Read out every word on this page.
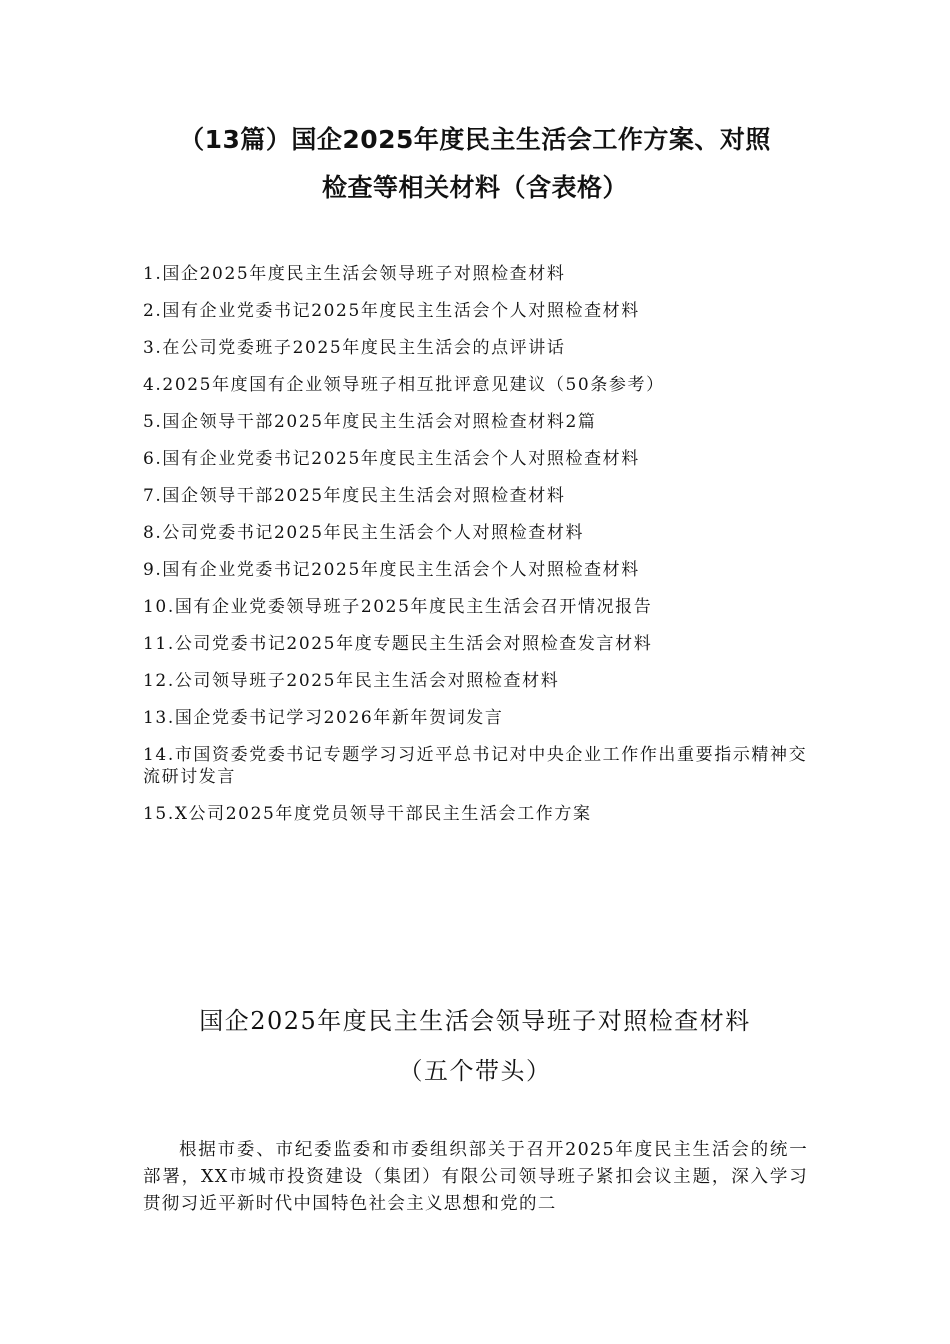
（13篇）国企2025年度民主生活会工作方案、对照
检查等相关材料（含表格）
1.国企2025年度民主生活会领导班子对照检查材料
2.国有企业党委书记2025年度民主生活会个人对照检查材料
3.在公司党委班子2025年度民主生活会的点评讲话
4.2025年度国有企业领导班子相互批评意见建议（50条参考）
5.国企领导干部2025年度民主生活会对照检查材料2篇
6.国有企业党委书记2025年度民主生活会个人对照检查材料
7.国企领导干部2025年度民主生活会对照检查材料
8.公司党委书记2025年民主生活会个人对照检查材料
9.国有企业党委书记2025年度民主生活会个人对照检查材料
10.国有企业党委领导班子2025年度民主生活会召开情况报告
11.公司党委书记2025年度专题民主生活会对照检查发言材料
12.公司领导班子2025年民主生活会对照检查材料
13.国企党委书记学习2026年新年贺词发言
14.市国资委党委书记专题学习习近平总书记对中央企业工作作出重要指示精神交流研讨发言
15.X公司2025年度党员领导干部民主生活会工作方案
国企2025年度民主生活会领导班子对照检查材料
（五个带头）

根据市委、市纪委监委和市委组织部关于召开2025年度民主生活会的统一部署，XX市城市投资建设（集团）有限公司领导班子紧扣会议主题，深入学习贯彻习近平新时代中国特色社会主义思想和党的二
